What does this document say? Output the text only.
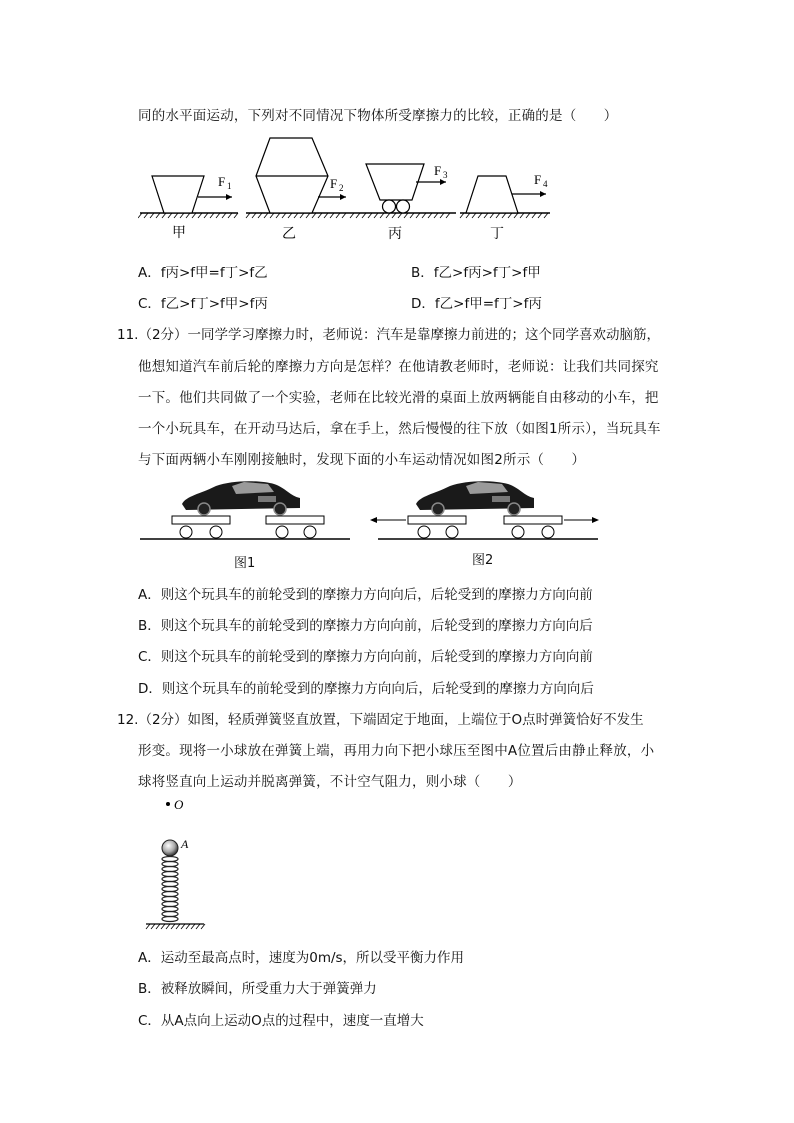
同的水平面运动，下列对不同情况下物体所受摩擦力的比较，正确的是（　　）
F 1	F 2
F 3	F 4
甲	乙	丙	丁
A．f丙>f甲=f丁>f乙	B．f乙>f丙>f丁>f甲
C．f乙>f丁>f甲>f丙	D．f乙>f甲=f丁>f丙
11.（2分）一同学学习摩擦力时，老师说：汽车是靠摩擦力前进的；这个同学喜欢动脑筋，
他想知道汽车前后轮的摩擦力方向是怎样？在他请教老师时，老师说：让我们共同探究
一下。他们共同做了一个实验，老师在比较光滑的桌面上放两辆能自由移动的小车，把
一个小玩具车，在开动马达后，拿在手上，然后慢慢的往下放（如图1所示），当玩具车
与下面两辆小车刚刚接触时，发现下面的小车运动情况如图2所示（　　）
图1	图2
A．则这个玩具车的前轮受到的摩擦力方向向后，后轮受到的摩擦力方向向前
B．则这个玩具车的前轮受到的摩擦力方向向前，后轮受到的摩擦力方向向后
C．则这个玩具车的前轮受到的摩擦力方向向前，后轮受到的摩擦力方向向前
D．则这个玩具车的前轮受到的摩擦力方向向后，后轮受到的摩擦力方向向后
12.（2分）如图，轻质弹簧竖直放置，下端固定于地面，上端位于O点时弹簧恰好不发生
形变。现将一小球放在弹簧上端，再用力向下把小球压至图中A位置后由静止释放，小
球将竖直向上运动并脱离弹簧，不计空气阻力，则小球（　　）
O
A
A．运动至最高点时，速度为0m/s，所以受平衡力作用
B．被释放瞬间，所受重力大于弹簧弹力
C．从A点向上运动O点的过程中，速度一直增大
